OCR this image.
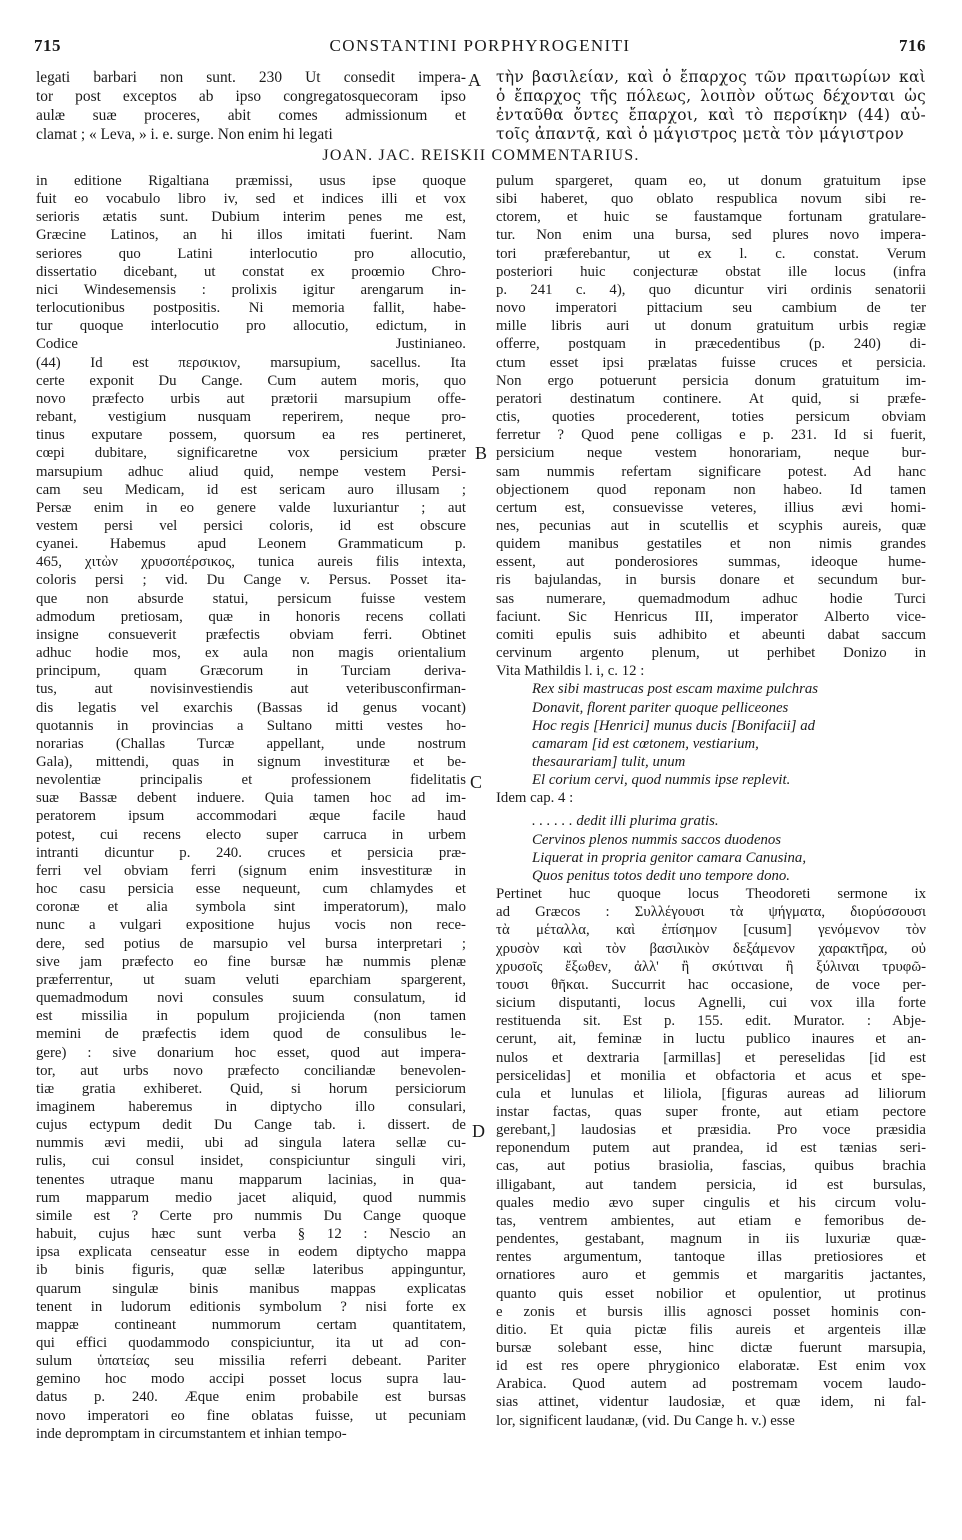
715	CONSTANTINI PORPHYROGENITI	716
legati barbari non sunt. 230 Ut consedit impera-
tor post exceptos ab ipso congregatosquecoram ipso
aulæ suæ proceres, abit comes admissionum et
clamat ; « Leva, » i. e. surge. Non enim hi legati
A τὴν βασιλείαν, καὶ ὁ ἔπαρχος τῶν πραιτωρίων καὶ
ὁ ἔπαρχος τῆς πόλεως, λοιπὸν οὕτως δέχονται ὡς
ἐνταῦθα ὄντες ἔπαρχοι, καὶ τὸ περσίκην (44) αὐ-
τοῖς ἀπαντᾷ, καὶ ὁ μάγιστρος μετὰ τὸν μάγιστρον
JOAN. JAC. REISKII COMMENTARIUS.
in editione Rigaltiana præmissi, usus ipse quoque
fuit eo vocabulo libro iv, sed et indices illi et vox
serioris ætatis sunt. Dubium interim penes me est,
Græcine Latinos, an hi illos imitati fuerint. Nam
seriores quo Latini interlocutio pro allocutio,
dissertatio dicebant, ut constat ex proœmio Chro-
nici Windesemensis : prolixis igitur arengarum in-
terlocutionibus postpositis. Ni memoria fallit, habe-
tur quoque interlocutio pro allocutio, edictum, in
Codice Justinianeo.
(44) Id est περσικιον, marsupium, sacellus. Ita
certe exponit Du Cange. Cum autem moris, quo
novo præfecto urbis aut prætorii marsupium offe-
rebant, vestigium nusquam reperirem, neque pro-
tinus exputare possem, quorsum ea res pertineret,
cœpi dubitare, significaretne vox persicium præter
marsupium adhuc aliud quid, nempe vestem Persi-
cam seu Medicam, id est sericam auro illusam ;
Persæ enim in eo genere valde luxuriantur ; aut
vestem persi vel persici coloris, id est obscure
cyanei. Habemus apud Leonem Grammaticum p.
465, χιτὼν χρυσοπέρσικος, tunica aureis filis intexta,
coloris persi ; vid. Du Cange v. Persus. Posset ita-
que non absurde statui, persicum fuisse vestem
admodum pretiosam, quæ in honoris recens collati
insigne consueverit præfectis obviam ferri. Obtinet
adhuc hodie mos, ex aula non magis orientalium
principum, quam Græcorum in Turciam deriva-
tus, aut novisinvestiendis aut veteribusconfirman-
dis legatis vel exarchis (Bassas id genus vocant)
quotannis in provincias a Sultano mitti vestes ho-
norarias (Challas Turcæ appellant, unde nostrum
Gala), mittendi, quas in signum investituræ et be-
nevolentiæ principalis et professionem fidelitatis
suæ Bassæ debent induere. Quia tamen hoc ad im-
peratorem ipsum accommodari æque facile haud
potest, cui recens electo super carruca in urbem
intranti dicuntur p. 240. cruces et persicia præ-
ferri vel obviam ferri (signum enim insvestituræ in
hoc casu persicia esse nequeunt, cum chlamydes et
coronæ et alia symbola sint imperatorum), malo
nunc a vulgari expositione hujus vocis non rece-
dere, sed potius de marsupio vel bursa interpretari ;
sive jam præfecto eo fine bursæ hæ nummis plenæ
præferrentur, ut suam veluti eparchiam spargerent,
quemadmodum novi consules suum consulatum, id
est missilia in populum projicienda (non tamen
memini de præfectis idem quod de consulibus le-
gere) : sive donarium hoc esset, quod aut impera-
tor, aut urbs novo præfecto conciliandæ benevolen-
tiæ gratia exhiberet. Quid, si horum persiciorum
imaginem haberemus in diptycho illo consulari,
cujus ectypum dedit Du Cange tab. i. dissert. de
nummis ævi medii, ubi ad singula latera sellæ cu-
rulis, cui consul insidet, conspiciuntur singuli viri,
tenentes utraque manu mapparum lacinias, in qua-
rum mapparum medio jacet aliquid, quod nummis
simile est ? Certe pro nummis Du Cange quoque
habuit, cujus hæc sunt verba § 12 : Nescio an
ipsa explicata censeatur esse in eodem diptycho mappa
ib binis figuris, quæ sellæ lateribus appinguntur,
quarum singulæ binis manibus mappas explicatas
tenent in ludorum editionis symbolum ? nisi forte ex
mappæ contineant nummorum certam quantitatem,
qui effici quodammodo conspiciuntur, ita ut ad con-
sulum ὑπατείας seu missilia referri debeant. Pariter
gemino hoc modo accipi posset locus supra lau-
datus p. 240. Æque enim probabile est bursas
novo imperatori eo fine oblatas fuisse, ut pecuniam
inde depromptam in circumstantem et inhian tempo-
B
C
D
pulum spargeret, quam eo, ut donum gratuitum ipse
sibi haberet, quo oblato respublica novum sibi re-
ctorem, et huic se faustamque fortunam gratulare-
tur. Non enim una bursa, sed plures novo impera-
tori præferebantur, ut ex l. c. constat. Verum
posteriori huic conjecturæ obstat ille locus (infra
p. 241 c. 4), quo dicuntur viri ordinis senatorii
novo imperatori pittacium seu cambium de ter
mille libris auri ut donum gratuitum urbis regiæ
offerre, postquam in præcedentibus (p. 240) di-
ctum esset ipsi prælatas fuisse cruces et persicia.
Non ergo potuerunt persicia donum gratuitum im-
peratori destinatum continere. At quid, si præfe-
ctis, quoties procederent, toties persicum obviam
ferretur ? Quod pene colligas e p. 231. Id si fuerit,
persicium neque vestem honorariam, neque bur-
sam nummis refertam significare potest. Ad hanc
objectionem quod reponam non habeo. Id tamen
certum est, consuevisse veteres, illius ævi homi-
nes, pecunias aut in scutellis et scyphis aureis, quæ
quidem manibus gestatiles et non nimis grandes
essent, aut ponderosiores summas, ideoque hume-
ris bajulandas, in bursis donare et secundum bur-
sas numerare, quemadmodum adhuc hodie Turci
faciunt. Sic Henricus III, imperator Alberto vice-
comiti epulis suis adhibito et abeunti dabat saccum
cervinum argento plenum, ut perhibet Donizo in
Vita Mathildis l. i, c. 12 :
Rex sibi mastrucas post escam maxime pulchras
Donavit, florent pariter quoque pelliceones
Hoc regis [Henrici] munus ducis [Bonifacii] ad
camaram [id est cœtonem, vestiarium,
thesaurariam] tulit, unum
El corium cervi, quod nummis ipse replevit.
Idem cap. 4 :
. . . . . . dedit illi plurima gratis.
Cervinos plenos nummis saccos duodenos
Liquerat in propria genitor camara Canusina,
Quos penitus totos dedit uno tempore dono.
Pertinet huc quoque locus Theodoreti sermone ix
ad Græcos : Συλλέγουσι τὰ ψήγματα, διορύσσουσι
τὰ μέταλλα, καὶ ἐπίσημον [cusum] γενόμενον τὸν
χρυσὸν καὶ τὸν βασιλικὸν δεξάμενον χαρακτῆρα, οὐ
χρυσοῖς ἔξωθεν, ἀλλ' ἢ σκύτιναι ἢ ξύλιναι τρυφῶ-
τουσι θῆκαι. Succurrit hac occasione, de voce per-
sicium disputanti, locus Agnelli, cui vox illa forte
restituenda sit. Est p. 155. edit. Murator. : Abje-
cerunt, ait, feminæ in luctu publico inaures et an-
nulos et dextraria [armillas] et pereselidas [id est
persicelidas] et monilia et obfactoria et acus et spe-
cula et lunulas et liliola, [figuras aureas ad liliorum
instar factas, quas super fronte, aut etiam pectore
gerebant,] laudosias et præsidia. Pro voce præsidia
reponendum putem aut prandea, id est tænias seri-
cas, aut potius brasiolia, fascias, quibus brachia
illigabant, aut tandem persicia, id est bursulas,
quales medio ævo super cingulis et his circum volu-
tas, ventrem ambientes, aut etiam e femoribus de-
pendentes, gestabant, magnum in iis luxuriæ quæ-
rentes argumentum, tantoque illas pretiosiores et
ornatiores auro et gemmis et margaritis jactantes,
quanto quis esset nobilior et opulentior, ut protinus
e zonis et bursis illis agnosci posset hominis con-
ditio. Et quia pictæ filis aureis et argenteis illæ
bursæ solebant esse, hinc dictæ fuerunt marsupia,
id est res opere phrygionico elaboratæ. Est enim vox
Arabica. Quod autem ad postremam vocem laudo-
sias attinet, videntur laudosiæ, et quæ idem, ni fal-
lor, significent laudanæ, (vid. Du Cange h. v.) esse
